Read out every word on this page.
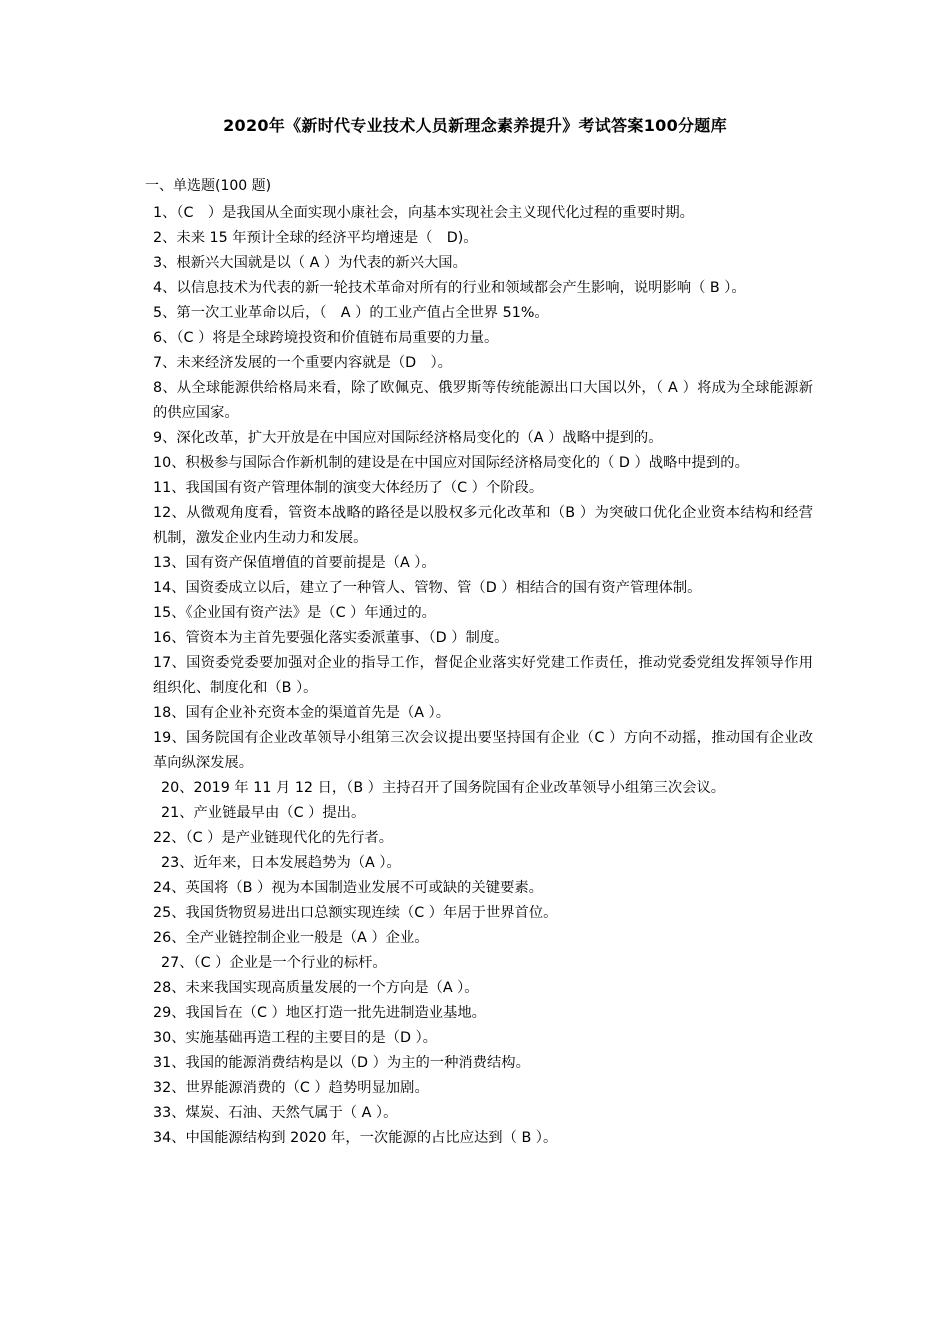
2020年《新时代专业技术人员新理念素养提升》考试答案100分题库
一、单选题(100 题)
1、（C　）是我国从全面实现小康社会，向基本实现社会主义现代化过程的重要时期。
2、未来 15 年预计全球的经济平均增速是（　D)。
3、根新兴大国就是以（ A ）为代表的新兴大国。
4、以信息技术为代表的新一轮技术革命对所有的行业和领域都会产生影响，说明影响（ B ）。
5、第一次工业革命以后，（　A ）的工业产值占全世界 51%。
6、（C ）将是全球跨境投资和价值链布局重要的力量。
7、未来经济发展的一个重要内容就是（D　）。
8、从全球能源供给格局来看，除了欧佩克、俄罗斯等传统能源出口大国以外，（ A ）将成为全球能源新的供应国家。
9、深化改革，扩大开放是在中国应对国际经济格局变化的（A ）战略中提到的。
10、积极参与国际合作新机制的建设是在中国应对国际经济格局变化的（ D ）战略中提到的。
11、我国国有资产管理体制的演变大体经历了（C ）个阶段。
12、从微观角度看，管资本战略的路径是以股权多元化改革和（B ）为突破口优化企业资本结构和经营机制，激发企业内生动力和发展。
13、国有资产保值增值的首要前提是（A ）。
14、国资委成立以后，建立了一种管人、管物、管（D ）相结合的国有资产管理体制。
15、《企业国有资产法》是（C ）年通过的。
16、管资本为主首先要强化落实委派董事、（D ）制度。
17、国资委党委要加强对企业的指导工作，督促企业落实好党建工作责任，推动党委党组发挥领导作用组织化、制度化和（B ）。
18、国有企业补充资本金的渠道首先是（A ）。
19、国务院国有企业改革领导小组第三次会议提出要坚持国有企业（C ）方向不动摇，推动国有企业改革向纵深发展。
20、2019 年 11 月 12 日，（B ）主持召开了国务院国有企业改革领导小组第三次会议。
21、产业链最早由（C ）提出。
22、（C ）是产业链现代化的先行者。
23、近年来，日本发展趋势为（A ）。
24、英国将（B ）视为本国制造业发展不可或缺的关键要素。
25、我国货物贸易进出口总额实现连续（C ）年居于世界首位。
26、全产业链控制企业一般是（A ）企业。
27、（C ）企业是一个行业的标杆。
28、未来我国实现高质量发展的一个方向是（A ）。
29、我国旨在（C ）地区打造一批先进制造业基地。
30、实施基础再造工程的主要目的是（D ）。
31、我国的能源消费结构是以（D ）为主的一种消费结构。
32、世界能源消费的（C ）趋势明显加剧。
33、煤炭、石油、天然气属于（ A ）。
34、中国能源结构到 2020 年，一次能源的占比应达到（ B ）。
